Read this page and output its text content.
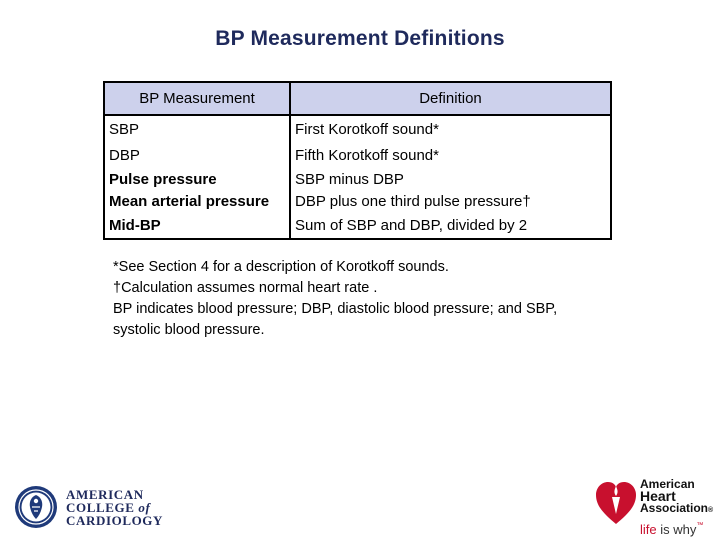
BP Measurement Definitions
BP Measurement	Definition
SBP	First Korotkoff sound*
DBP	Fifth Korotkoff sound*
Pulse pressure	SBP minus DBP
Mean arterial pressure	DBP plus one third pulse pressure†
Mid-BP	Sum of SBP and DBP, divided by 2
*See Section 4 for a description of Korotkoff sounds.
†Calculation assumes normal heart rate .
BP indicates blood pressure; DBP, diastolic blood pressure; and SBP,
systolic blood pressure.
AMERICAN
COLLEGE of
CARDIOLOGY
American
Heart
Association®
life is why™
